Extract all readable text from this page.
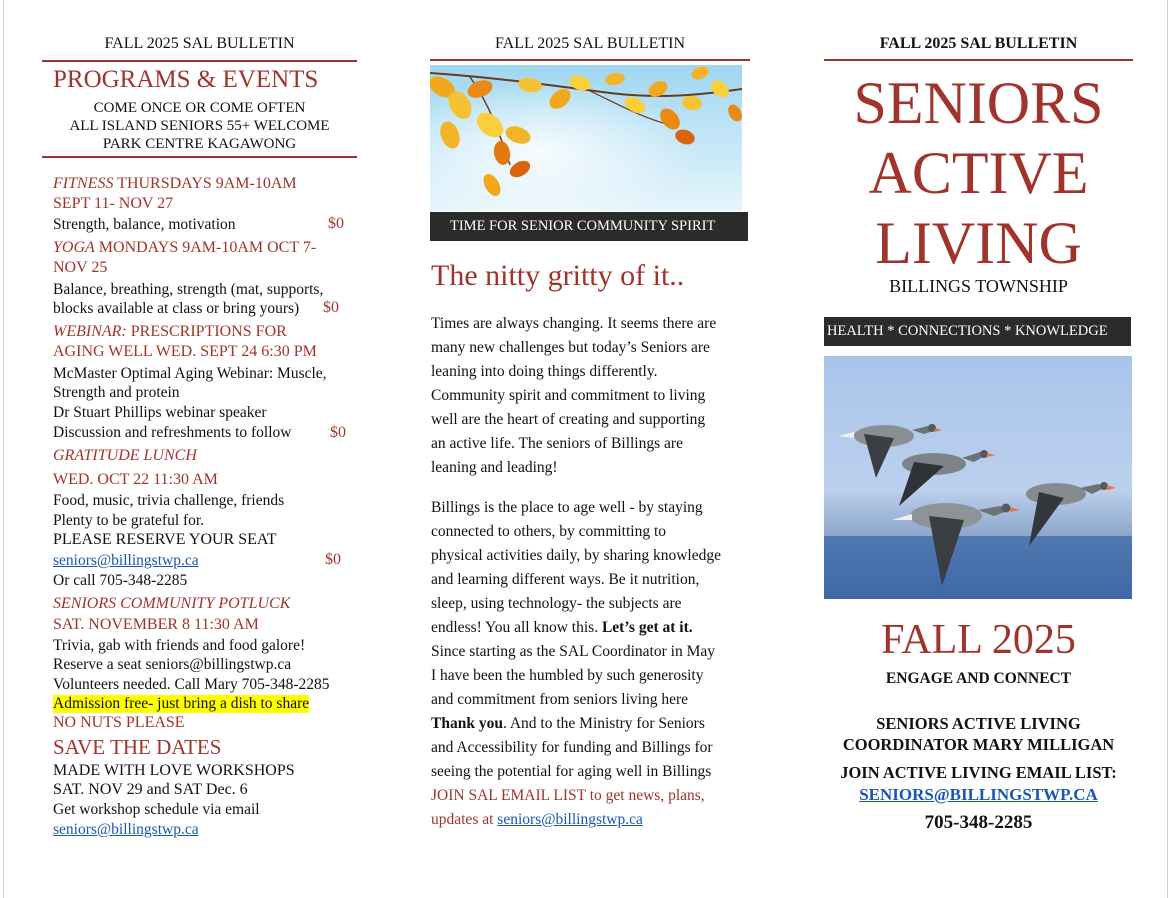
FALL 2025 SAL BULLETIN
PROGRAMS & EVENTS
COME ONCE OR COME OFTEN
ALL ISLAND SENIORS 55+ WELCOME
PARK CENTRE KAGAWONG
FITNESS THURSDAYS 9AM-10AM
SEPT 11- NOV 27
Strength, balance, motivation	$0
YOGA MONDAYS 9AM-10AM OCT 7-
NOV 25
Balance, breathing, strength (mat, supports,
blocks available at class or bring yours) $0
WEBINAR: PRESCRIPTIONS FOR
AGING WELL WED. SEPT 24 6:30 PM
McMaster Optimal Aging Webinar: Muscle,
Strength and protein
Dr Stuart Phillips webinar speaker
Discussion and refreshments to follow $0
GRATITUDE LUNCH
WED. OCT 22 11:30 AM
Food, music, trivia challenge, friends
Plenty to be grateful for.
PLEASE RESERVE YOUR SEAT
seniors@billingstwp.ca	$0
Or call 705-348-2285
SENIORS COMMUNITY POTLUCK
SAT. NOVEMBER 8 11:30 AM
Trivia, gab with friends and food galore!
Reserve a seat seniors@billingstwp.ca
Volunteers needed. Call Mary 705-348-2285
Admission free- just bring a dish to share
NO NUTS PLEASE
SAVE THE DATES
MADE WITH LOVE WORKSHOPS
SAT. NOV 29 and SAT Dec. 6
Get workshop schedule via email
seniors@billingstwp.ca
FALL 2025 SAL BULLETIN
TIME FOR SENIOR COMMUNITY SPIRIT
The nitty gritty of it..
Times are always changing. It seems there are
many new challenges but today’s Seniors are
leaning into doing things differently.
Community spirit and commitment to living
well are the heart of creating and supporting
an active life. The seniors of Billings are
leaning and leading!
Billings is the place to age well - by staying
connected to others, by committing to
physical activities daily, by sharing knowledge
and learning different ways. Be it nutrition,
sleep, using technology- the subjects are
endless! You all know this. Let’s get at it.
Since starting as the SAL Coordinator in May
I have been the humbled by such generosity
and commitment from seniors living here
Thank you. And to the Ministry for Seniors
and Accessibility for funding and Billings for
seeing the potential for aging well in Billings
JOIN SAL EMAIL LIST to get news, plans,
updates at seniors@billingstwp.ca
FALL 2025 SAL BULLETIN
SENIORS
ACTIVE
LIVING
BILLINGS TOWNSHIP
HEALTH * CONNECTIONS * KNOWLEDGE
FALL 2025
ENGAGE AND CONNECT
SENIORS ACTIVE LIVING
COORDINATOR MARY MILLIGAN
JOIN ACTIVE LIVING EMAIL LIST:
SENIORS@BILLINGSTWP.CA
705-348-2285
